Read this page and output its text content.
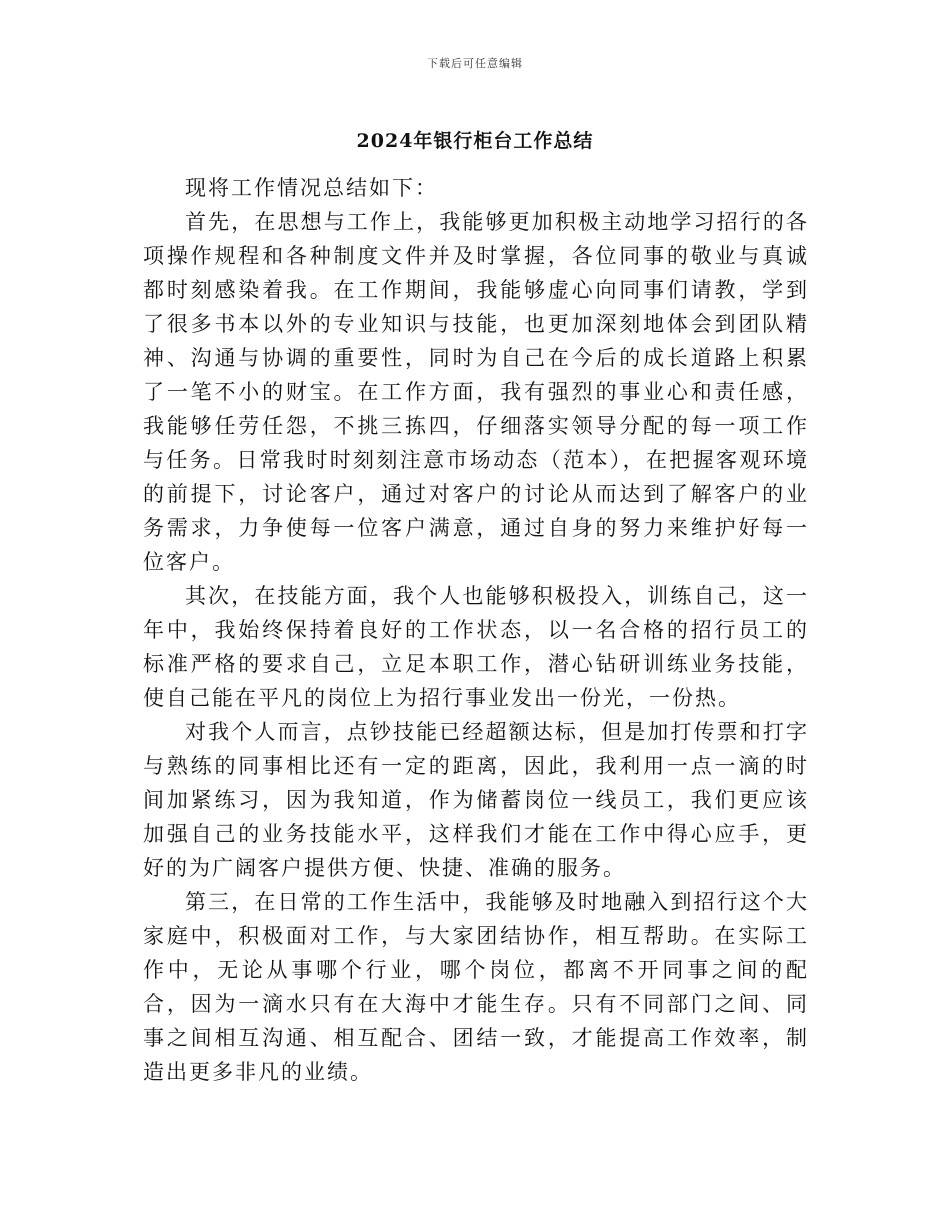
下载后可任意编辑
2024年银行柜台工作总结

现将工作情况总结如下：

首先，在思想与工作上，我能够更加积极主动地学习招行的各项操作规程和各种制度文件并及时掌握，各位同事的敬业与真诚都时刻感染着我。在工作期间，我能够虚心向同事们请教，学到了很多书本以外的专业知识与技能，也更加深刻地体会到团队精神、沟通与协调的重要性，同时为自己在今后的成长道路上积累了一笔不小的财宝。在工作方面，我有强烈的事业心和责任感，我能够任劳任怨，不挑三拣四，仔细落实领导分配的每一项工作与任务。日常我时时刻刻注意市场动态（范本），在把握客观环境的前提下，讨论客户，通过对客户的讨论从而达到了解客户的业务需求，力争使每一位客户满意，通过自身的努力来维护好每一位客户。

其次，在技能方面，我个人也能够积极投入，训练自己，这一年中，我始终保持着良好的工作状态，以一名合格的招行员工的标准严格的要求自己，立足本职工作，潜心钻研训练业务技能，使自己能在平凡的岗位上为招行事业发出一份光，一份热。

对我个人而言，点钞技能已经超额达标，但是加打传票和打字与熟练的同事相比还有一定的距离，因此，我利用一点一滴的时间加紧练习，因为我知道，作为储蓄岗位一线员工，我们更应该加强自己的业务技能水平，这样我们才能在工作中得心应手，更好的为广阔客户提供方便、快捷、准确的服务。

第三，在日常的工作生活中，我能够及时地融入到招行这个大家庭中，积极面对工作，与大家团结协作，相互帮助。在实际工作中，无论从事哪个行业，哪个岗位，都离不开同事之间的配合，因为一滴水只有在大海中才能生存。只有不同部门之间、同事之间相互沟通、相互配合、团结一致，才能提高工作效率，制造出更多非凡的业绩。
